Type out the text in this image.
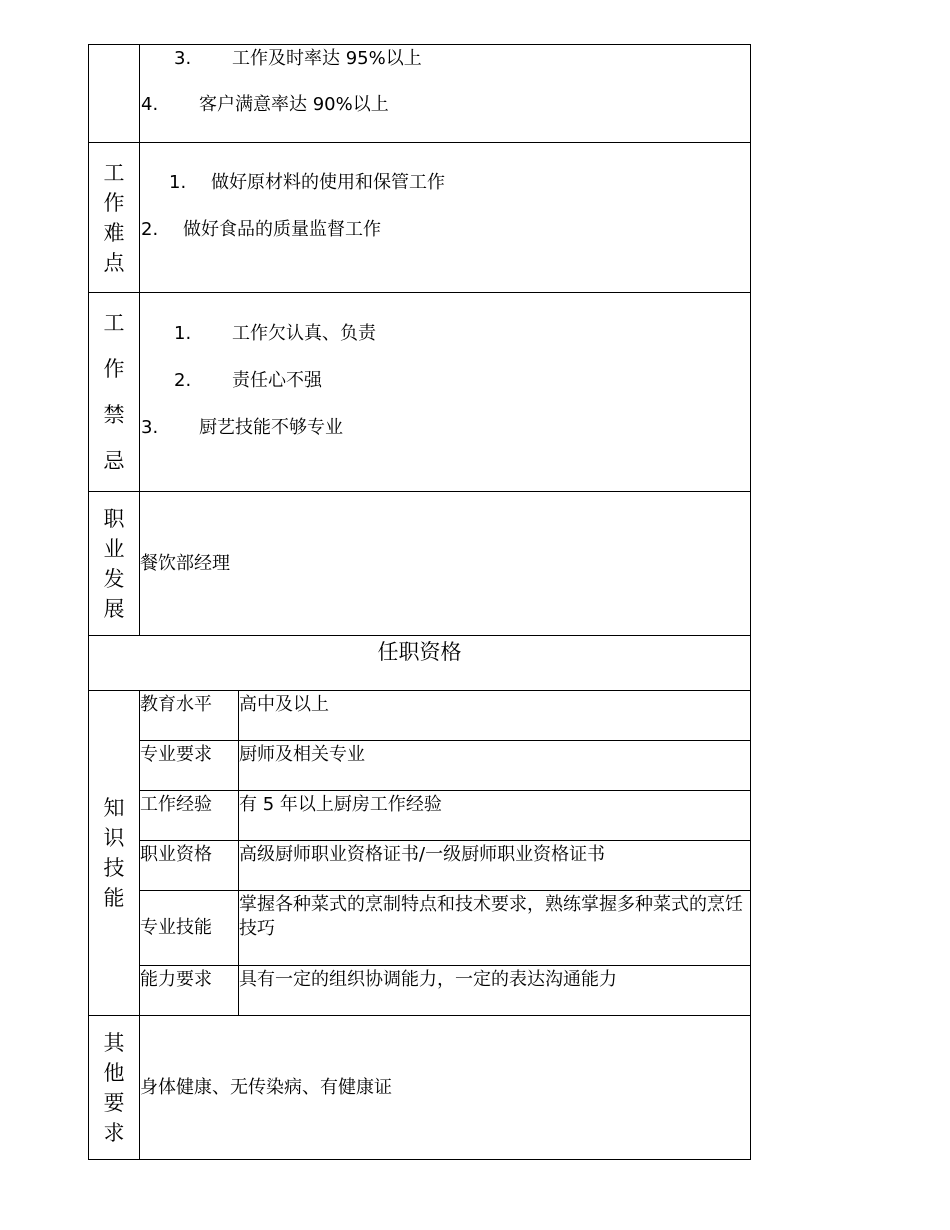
	3. 工作及时率达 95%以上
4. 客户满意率达 90%以上	

工
作
难
点	1. 做好原材料的使用和保管工作
2. 做好食品的质量监督工作	

工
作
禁
忌	1. 工作欠认真、负责
2. 责任心不强
3. 厨艺技能不够专业	

职
业
发
展	餐饮部经理	
任职资格		

知
识
技
能	教育水平	高中及以上
	专业要求	厨师及相关专业
	工作经验	有 5 年以上厨房工作经验
	职业资格	高级厨师职业资格证书/一级厨师职业资格证书
	专业技能	掌握各种菜式的烹制特点和技术要求，熟练掌握多种菜式的烹饪技巧
	能力要求	具有一定的组织协调能力，一定的表达沟通能力

其
他
要
求	身体健康、无传染病、有健康证	
